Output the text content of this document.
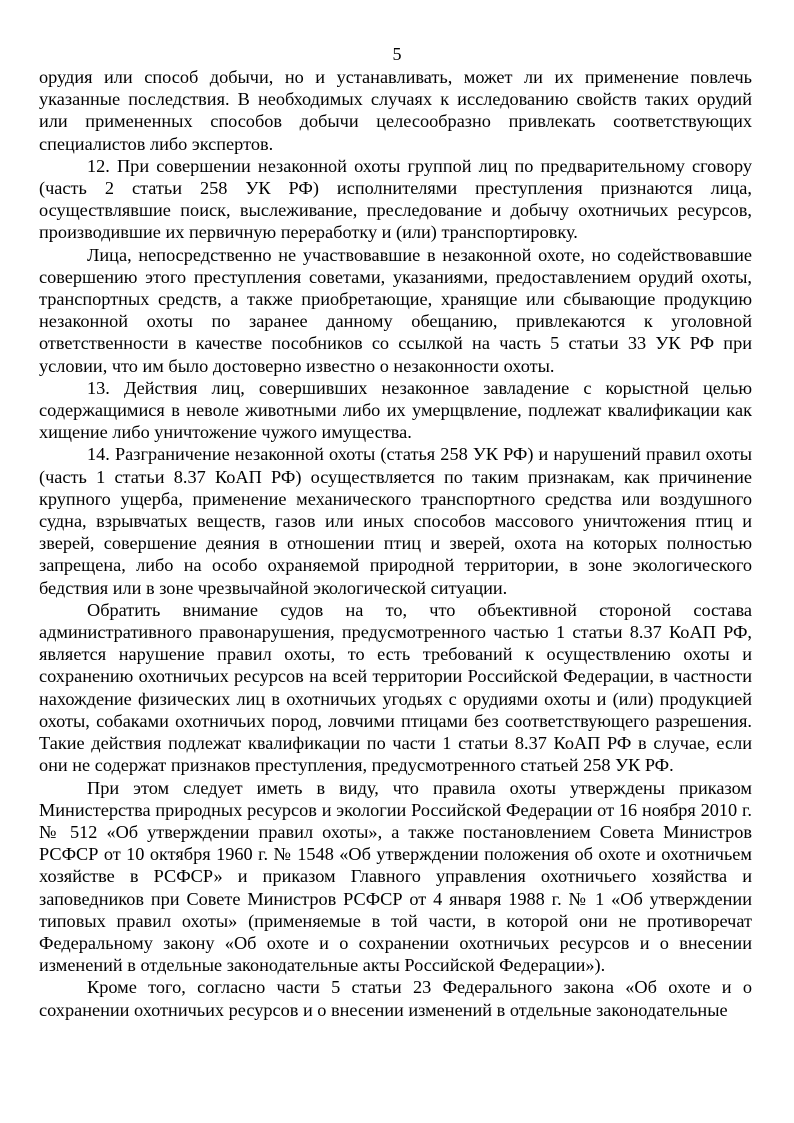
5

орудия или способ добычи, но и устанавливать, может ли их применение повлечь указанные последствия. В необходимых случаях к исследованию свойств таких орудий или примененных способов добычи целесообразно привлекать соответствующих специалистов либо экспертов.

12. При совершении незаконной охоты группой лиц по предварительному сговору (часть 2 статьи 258 УК РФ) исполнителями преступления признаются лица, осуществлявшие поиск, выслеживание, преследование и добычу охотничьих ресурсов, производившие их первичную переработку и (или) транспортировку.

Лица, непосредственно не участвовавшие в незаконной охоте, но содействовавшие совершению этого преступления советами, указаниями, предоставлением орудий охоты, транспортных средств, а также приобретающие, хранящие или сбывающие продукцию незаконной охоты по заранее данному обещанию, привлекаются к уголовной ответственности в качестве пособников со ссылкой на часть 5 статьи 33 УК РФ при условии, что им было достоверно известно о незаконности охоты.

13. Действия лиц, совершивших незаконное завладение с корыстной целью содержащимися в неволе животными либо их умерщвление, подлежат квалификации как хищение либо уничтожение чужого имущества.

14. Разграничение незаконной охоты (статья 258 УК РФ) и нарушений правил охоты (часть 1 статьи 8.37 КоАП РФ) осуществляется по таким признакам, как причинение крупного ущерба, применение механического транспортного средства или воздушного судна, взрывчатых веществ, газов или иных способов массового уничтожения птиц и зверей, совершение деяния в отношении птиц и зверей, охота на которых полностью запрещена, либо на особо охраняемой природной территории, в зоне экологического бедствия или в зоне чрезвычайной экологической ситуации.

Обратить внимание судов на то, что объективной стороной состава административного правонарушения, предусмотренного частью 1 статьи 8.37 КоАП РФ, является нарушение правил охоты, то есть требований к осуществлению охоты и сохранению охотничьих ресурсов на всей территории Российской Федерации, в частности нахождение физических лиц в охотничьих угодьях с орудиями охоты и (или) продукцией охоты, собаками охотничьих пород, ловчими птицами без соответствующего разрешения. Такие действия подлежат квалификации по части 1 статьи 8.37 КоАП РФ в случае, если они не содержат признаков преступления, предусмотренного статьей 258 УК РФ.

При этом следует иметь в виду, что правила охоты утверждены приказом Министерства природных ресурсов и экологии Российской Федерации от 16 ноября 2010 г. № 512 «Об утверждении правил охоты», а также постановлением Совета Министров РСФСР от 10 октября 1960 г. № 1548 «Об утверждении положения об охоте и охотничьем хозяйстве в РСФСР» и приказом Главного управления охотничьего хозяйства и заповедников при Совете Министров РСФСР от 4 января 1988 г. № 1 «Об утверждении типовых правил охоты» (применяемые в той части, в которой они не противоречат Федеральному закону «Об охоте и о сохранении охотничьих ресурсов и о внесении изменений в отдельные законодательные акты Российской Федерации»).

Кроме того, согласно части 5 статьи 23 Федерального закона «Об охоте и о сохранении охотничьих ресурсов и о внесении изменений в отдельные законодательные
